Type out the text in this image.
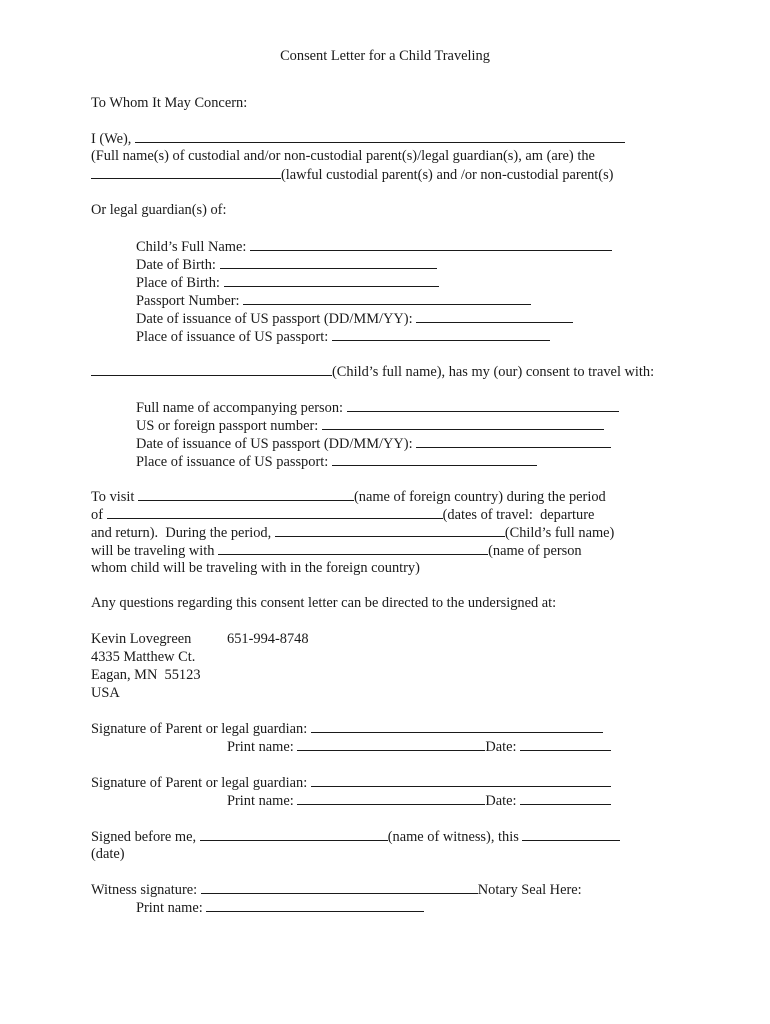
Consent Letter for a Child Traveling
To Whom It May Concern:
I (We),
(Full name(s) of custodial and/or non-custodial parent(s)/legal guardian(s), am (are) the
(lawful custodial parent(s) and /or non-custodial parent(s)
Or legal guardian(s) of:
Child’s Full Name:
Date of Birth:
Place of Birth:
Passport Number:
Date of issuance of US passport (DD/MM/YY):
Place of issuance of US passport:
(Child’s full name), has my (our) consent to travel with:
Full name of accompanying person:
US or foreign passport number:
Date of issuance of US passport (DD/MM/YY):
Place of issuance of US passport:
To visit	(name of foreign country) during the period
of	(dates of travel:  departure
and return).  During the period,	(Child’s full name)
will be traveling with	(name of person
whom child will be traveling with in the foreign country)
Any questions regarding this consent letter can be directed to the undersigned at:
Kevin Lovegreen 651-994-8748
4335 Matthew Ct.
Eagan, MN  55123
USA
Signature of Parent or legal guardian:
Print name:	Date:
Signature of Parent or legal guardian:
Print name:	Date:
Signed before me,	(name of witness), this
(date)
Witness signature:	Notary Seal Here:
Print name:
